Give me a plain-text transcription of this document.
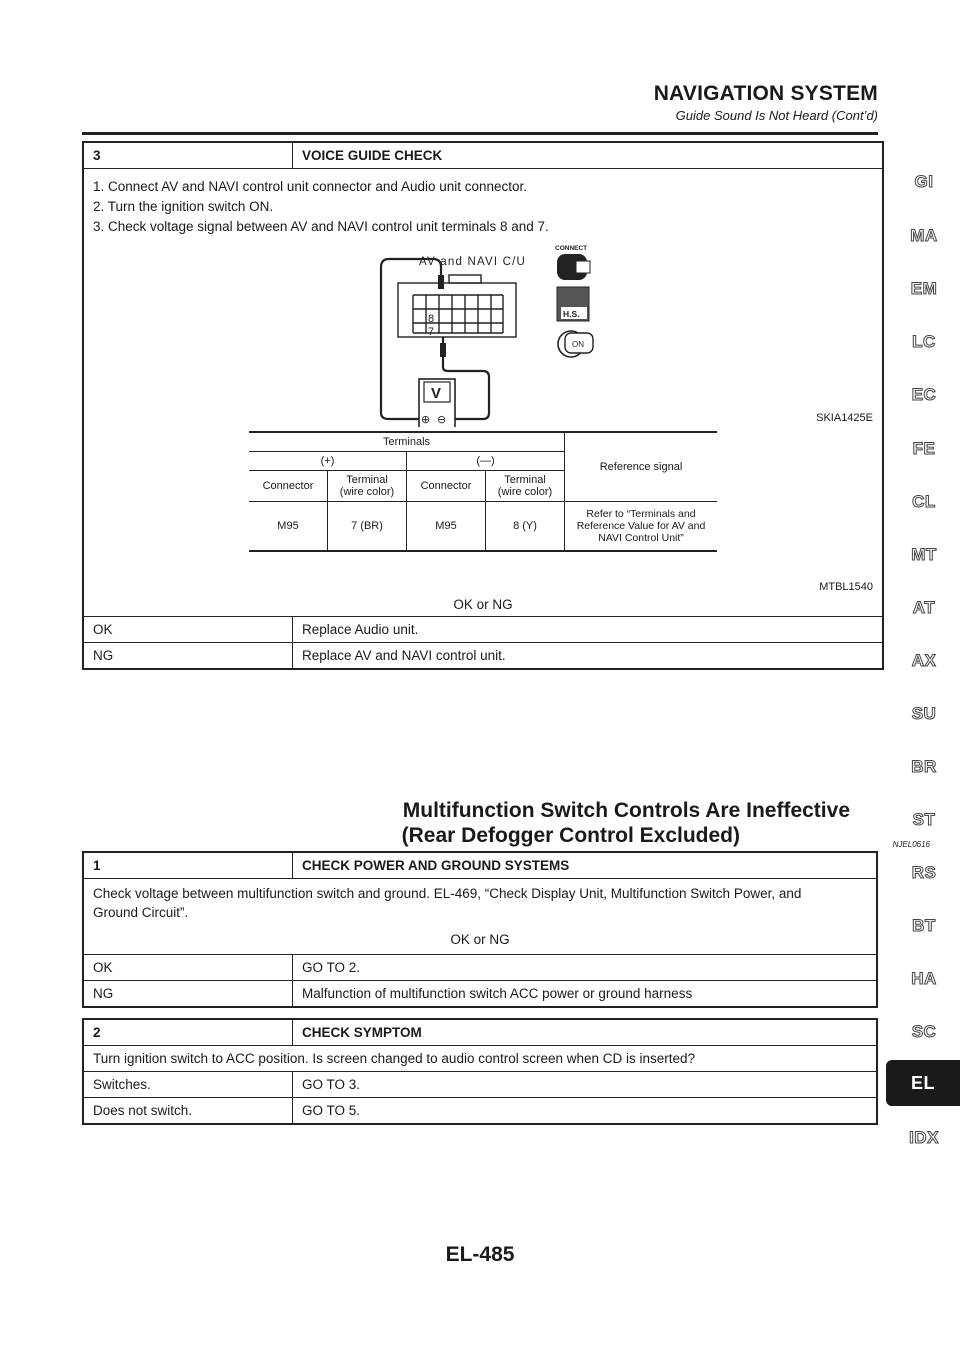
NAVIGATION SYSTEM
Guide Sound Is Not Heard (Cont’d)
3	VOICE GUIDE CHECK

1. Connect AV and NAVI control unit connector and Audio unit connector.
2. Turn the ignition switch ON.
3. Check voltage signal between AV and NAVI control unit terminals 8 and 7.
AV and NAVI C/U
8
7
V
⊕ ⊖
CONNECT
H.S.
ON
SKIA1425E
Terminals	Reference signal
(+)	(—)
Connector	Terminal (wire color)	Connector	Terminal (wire color)
M95	7 (BR)	M95	8 (Y)	Refer to “Terminals and Reference Value for AV and NAVI Control Unit”
MTBL1540
OK or NG

OK	Replace Audio unit.
NG	Replace AV and NAVI control unit.
Multifunction Switch Controls Are Ineffective
(Rear Defogger Control Excluded)	NJEL0616
1	CHECK POWER AND GROUND SYSTEMS

Check voltage between multifunction switch and ground. EL-469, “Check Display Unit, Multifunction Switch Power, and Ground Circuit”.
OK or NG	

OK	GO TO 2.
NG	Malfunction of multifunction switch ACC power or ground harness
2	CHECK SYMPTOM
Turn ignition switch to ACC position. Is screen changed to audio control screen when CD is inserted?	
Switches.	GO TO 3.
Does not switch.	GO TO 5.
GI
MA
EM
LC
EC
FE
CL
MT
AT
AX
SU
BR
ST
RS
BT
HA
SC
EL
IDX
EL-485
